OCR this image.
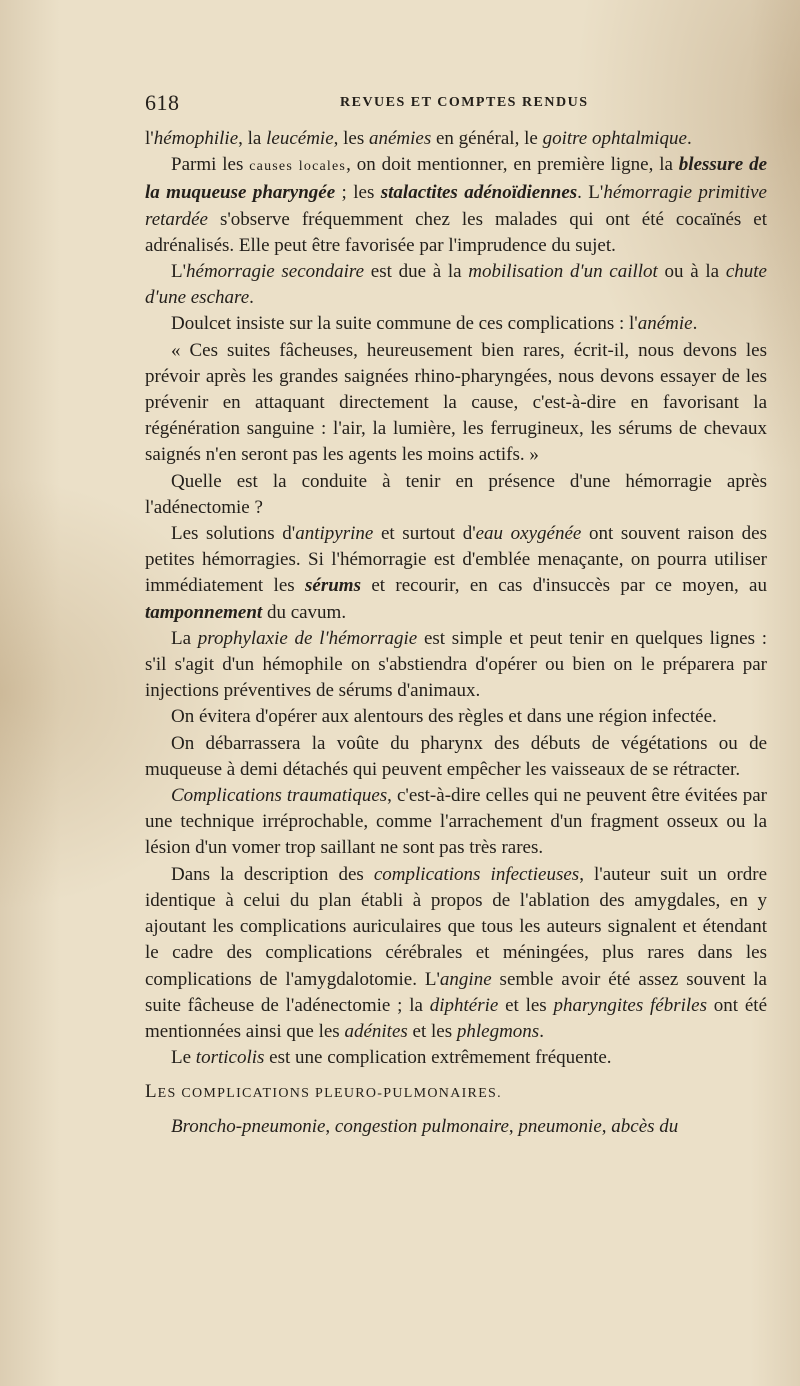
618	REVUES ET COMPTES RENDUS

l'hémophilie, la leucémie, les anémies en général, le goitre ophtalmique.

Parmi les causes locales, on doit mentionner, en première ligne, la blessure de la muqueuse pharyngée ; les stalactites adénoïdiennes. L'hémorragie primitive retardée s'observe fréquemment chez les malades qui ont été cocaïnés et adrénalisés. Elle peut être favorisée par l'imprudence du sujet.

L'hémorragie secondaire est due à la mobilisation d'un caillot ou à la chute d'une eschare.

Doulcet insiste sur la suite commune de ces complications : l'anémie.

« Ces suites fâcheuses, heureusement bien rares, écrit-il, nous devons les prévoir après les grandes saignées rhino-pharyngées, nous devons essayer de les prévenir en attaquant directement la cause, c'est-à-dire en favorisant la régénération sanguine : l'air, la lumière, les ferrugineux, les sérums de chevaux saignés n'en seront pas les agents les moins actifs. »

Quelle est la conduite à tenir en présence d'une hémorragie après l'adénectomie ?

Les solutions d'antipyrine et surtout d'eau oxygénée ont souvent raison des petites hémorragies. Si l'hémorragie est d'emblée menaçante, on pourra utiliser immédiatement les sérums et recourir, en cas d'insuccès par ce moyen, au tamponnement du cavum.

La prophylaxie de l'hémorragie est simple et peut tenir en quelques lignes : s'il s'agit d'un hémophile on s'abstiendra d'opérer ou bien on le préparera par injections préventives de sérums d'animaux.

On évitera d'opérer aux alentours des règles et dans une région infectée.

On débarrassera la voûte du pharynx des débuts de végétations ou de muqueuse à demi détachés qui peuvent empêcher les vaisseaux de se rétracter.

Complications traumatiques, c'est-à-dire celles qui ne peuvent être évitées par une technique irréprochable, comme l'arrachement d'un fragment osseux ou la lésion d'un vomer trop saillant ne sont pas très rares.

Dans la description des complications infectieuses, l'auteur suit un ordre identique à celui du plan établi à propos de l'ablation des amygdales, en y ajoutant les complications auriculaires que tous les auteurs signalent et étendant le cadre des complications cérébrales et méningées, plus rares dans les complications de l'amygdalotomie. L'angine semble avoir été assez souvent la suite fâcheuse de l'adénectomie ; la diphtérie et les pharyngites fébriles ont été mentionnées ainsi que les adénites et les phlegmons.

Le torticolis est une complication extrêmement fréquente.

LES COMPLICATIONS PLEURO-PULMONAIRES.

Broncho-pneumonie, congestion pulmonaire, pneumonie, abcès du
